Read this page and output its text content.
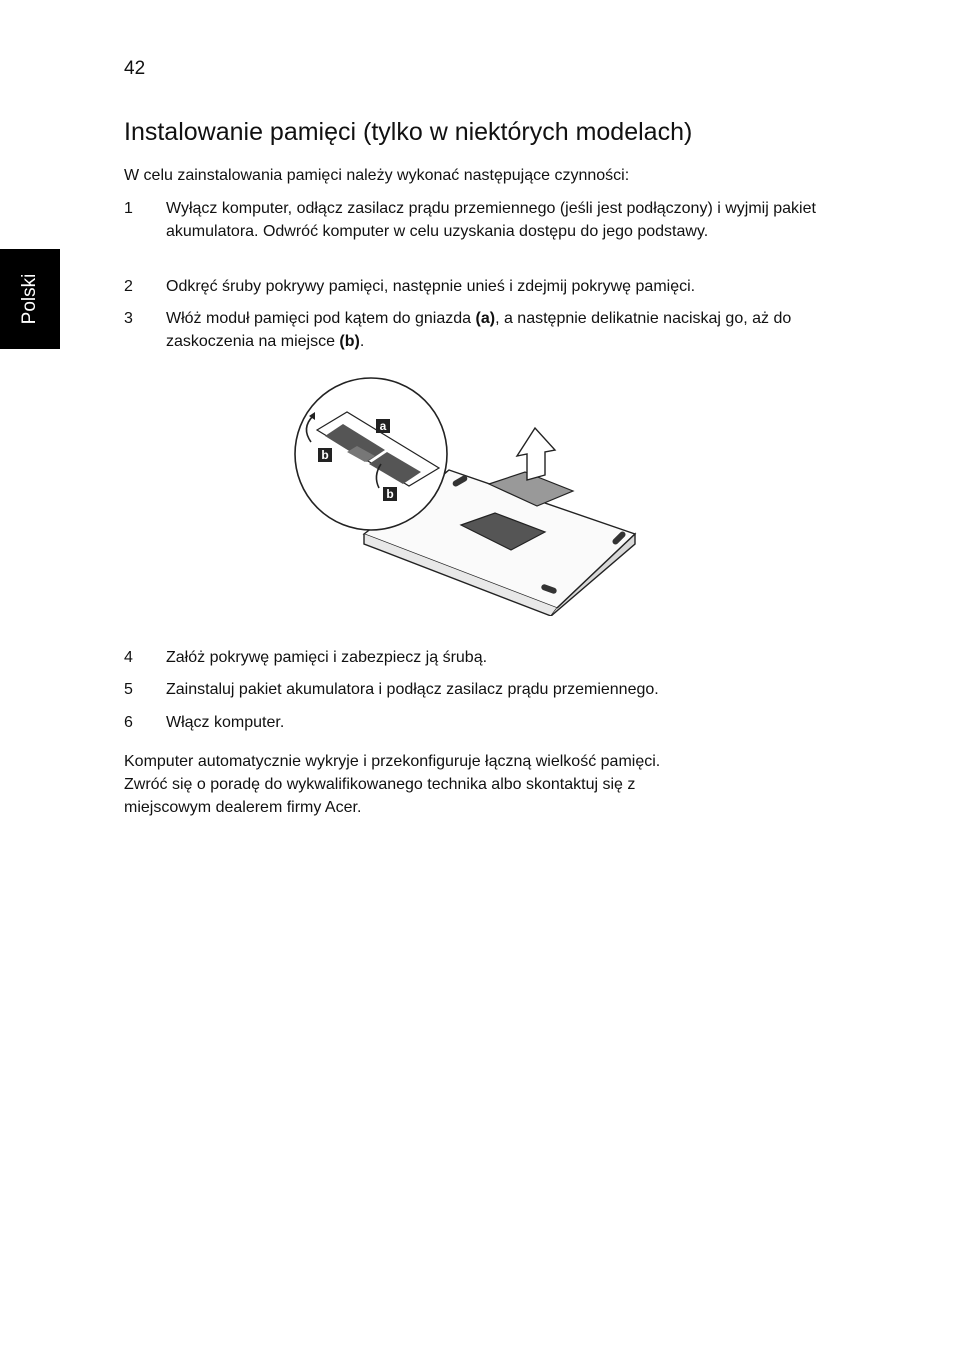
42
Polski
Instalowanie pamięci (tylko w niektórych modelach)
W celu zainstalowania pamięci należy wykonać następujące czynności:
1 Wyłącz komputer, odłącz zasilacz prądu przemiennego (jeśli jest podłączony) i wyjmij pakiet akumulatora. Odwróć komputer w celu uzyskania dostępu do jego podstawy.
2 Odkręć śruby pokrywy pamięci, następnie unieś i zdejmij pokrywę pamięci.
3 Włóż moduł pamięci pod kątem do gniazda (a), a następnie delikatnie naciskaj go, aż do zaskoczenia na miejsce (b).
a
b
b
4 Załóż pokrywę pamięci i zabezpiecz ją śrubą.
5 Zainstaluj pakiet akumulatora i podłącz zasilacz prądu przemiennego.
6 Włącz komputer.
Komputer automatycznie wykryje i przekonfiguruje łączną wielkość pamięci.
Zwróć się o poradę do wykwalifikowanego technika albo skontaktuj się z
miejscowym dealerem firmy Acer.
